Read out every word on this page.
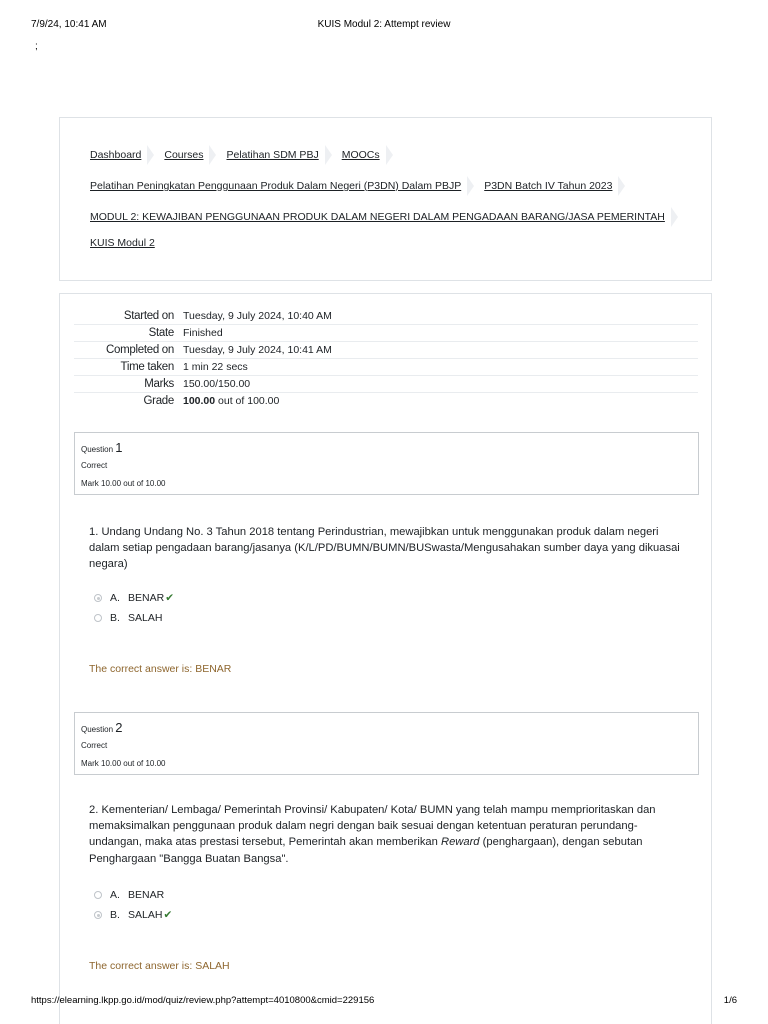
7/9/24, 10:41 AM	KUIS Modul 2: Attempt review
;
Dashboard Courses Pelatihan SDM PBJ MOOCs
Pelatihan Peningkatan Penggunaan Produk Dalam Negeri (P3DN) Dalam PBJP P3DN Batch IV Tahun 2023
MODUL 2: KEWAJIBAN PENGGUNAAN PRODUK DALAM NEGERI DALAM PENGADAAN BARANG/JASA PEMERINTAH
KUIS Modul 2
Started on	Tuesday, 9 July 2024, 10:40 AM
State	Finished
Completed on	Tuesday, 9 July 2024, 10:41 AM
Time taken	1 min 22 secs
Marks	150.00/150.00
Grade	100.00 out of 100.00
Question 1
Correct
Mark 10.00 out of 10.00
1. Undang Undang No. 3 Tahun 2018 tentang Perindustrian, mewajibkan untuk menggunakan produk dalam negeri dalam setiap pengadaan barang/jasanya (K/L/PD/BUMN/BUMN/BUSwasta/Mengusahakan sumber daya yang dikuasai negara)
A. BENAR ✔
B. SALAH
The correct answer is: BENAR
Question 2
Correct
Mark 10.00 out of 10.00
2. Kementerian/ Lembaga/ Pemerintah Provinsi/ Kabupaten/ Kota/ BUMN yang telah mampu memprioritaskan dan memaksimalkan penggunaan produk dalam negri dengan baik sesuai dengan ketentuan peraturan perundang-undangan, maka atas prestasi tersebut, Pemerintah akan memberikan Reward (penghargaan), dengan sebutan Penghargaan "Bangga Buatan Bangsa".
A. BENAR
B. SALAH ✔
The correct answer is: SALAH
https://elearning.lkpp.go.id/mod/quiz/review.php?attempt=4010800&cmid=229156	1/6
